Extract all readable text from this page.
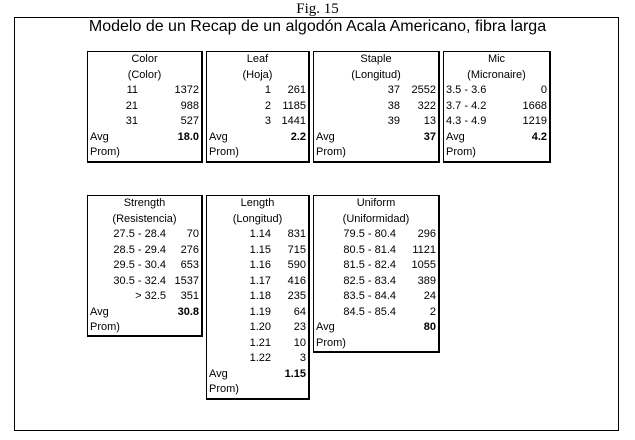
Fig. 15
Modelo de un Recap de un algodón Acala Americano, fibra larga
Color
(Color)
11	1372
21	988
31	527
Avg	18.0
Prom)
Leaf
(Hoja)
1 261
2 1185
3 1441
Avg	2.2
Prom)
Staple
(Longitud)
37 2552
38 322
39 13
Avg	37
Prom)
Mic
(Micronaire)
3.5 - 3.6	0
3.7 - 4.2	1668
4.3 - 4.9	1219
Avg	4.2
Prom)
Strength
(Resistencia)
27.5 - 28.4 70
28.5 - 29.4 276
29.5 - 30.4 653
30.5 - 32.4 1537
> 32.5 351
Avg	30.8
Prom)
Length
(Longitud)
1.14 831
1.15 715
1.16 590
1.17 416
1.18 235
1.19 64
1.20 23
1.21 10
1.22	3
Avg	1.15
Prom)
Uniform
(Uniformidad)
79.5 - 80.4 296
80.5 - 81.4 1121
81.5 - 82.4 1055
82.5 - 83.4 389
83.5 - 84.4	24
84.5 - 85.4	2
Avg	80
Prom)
